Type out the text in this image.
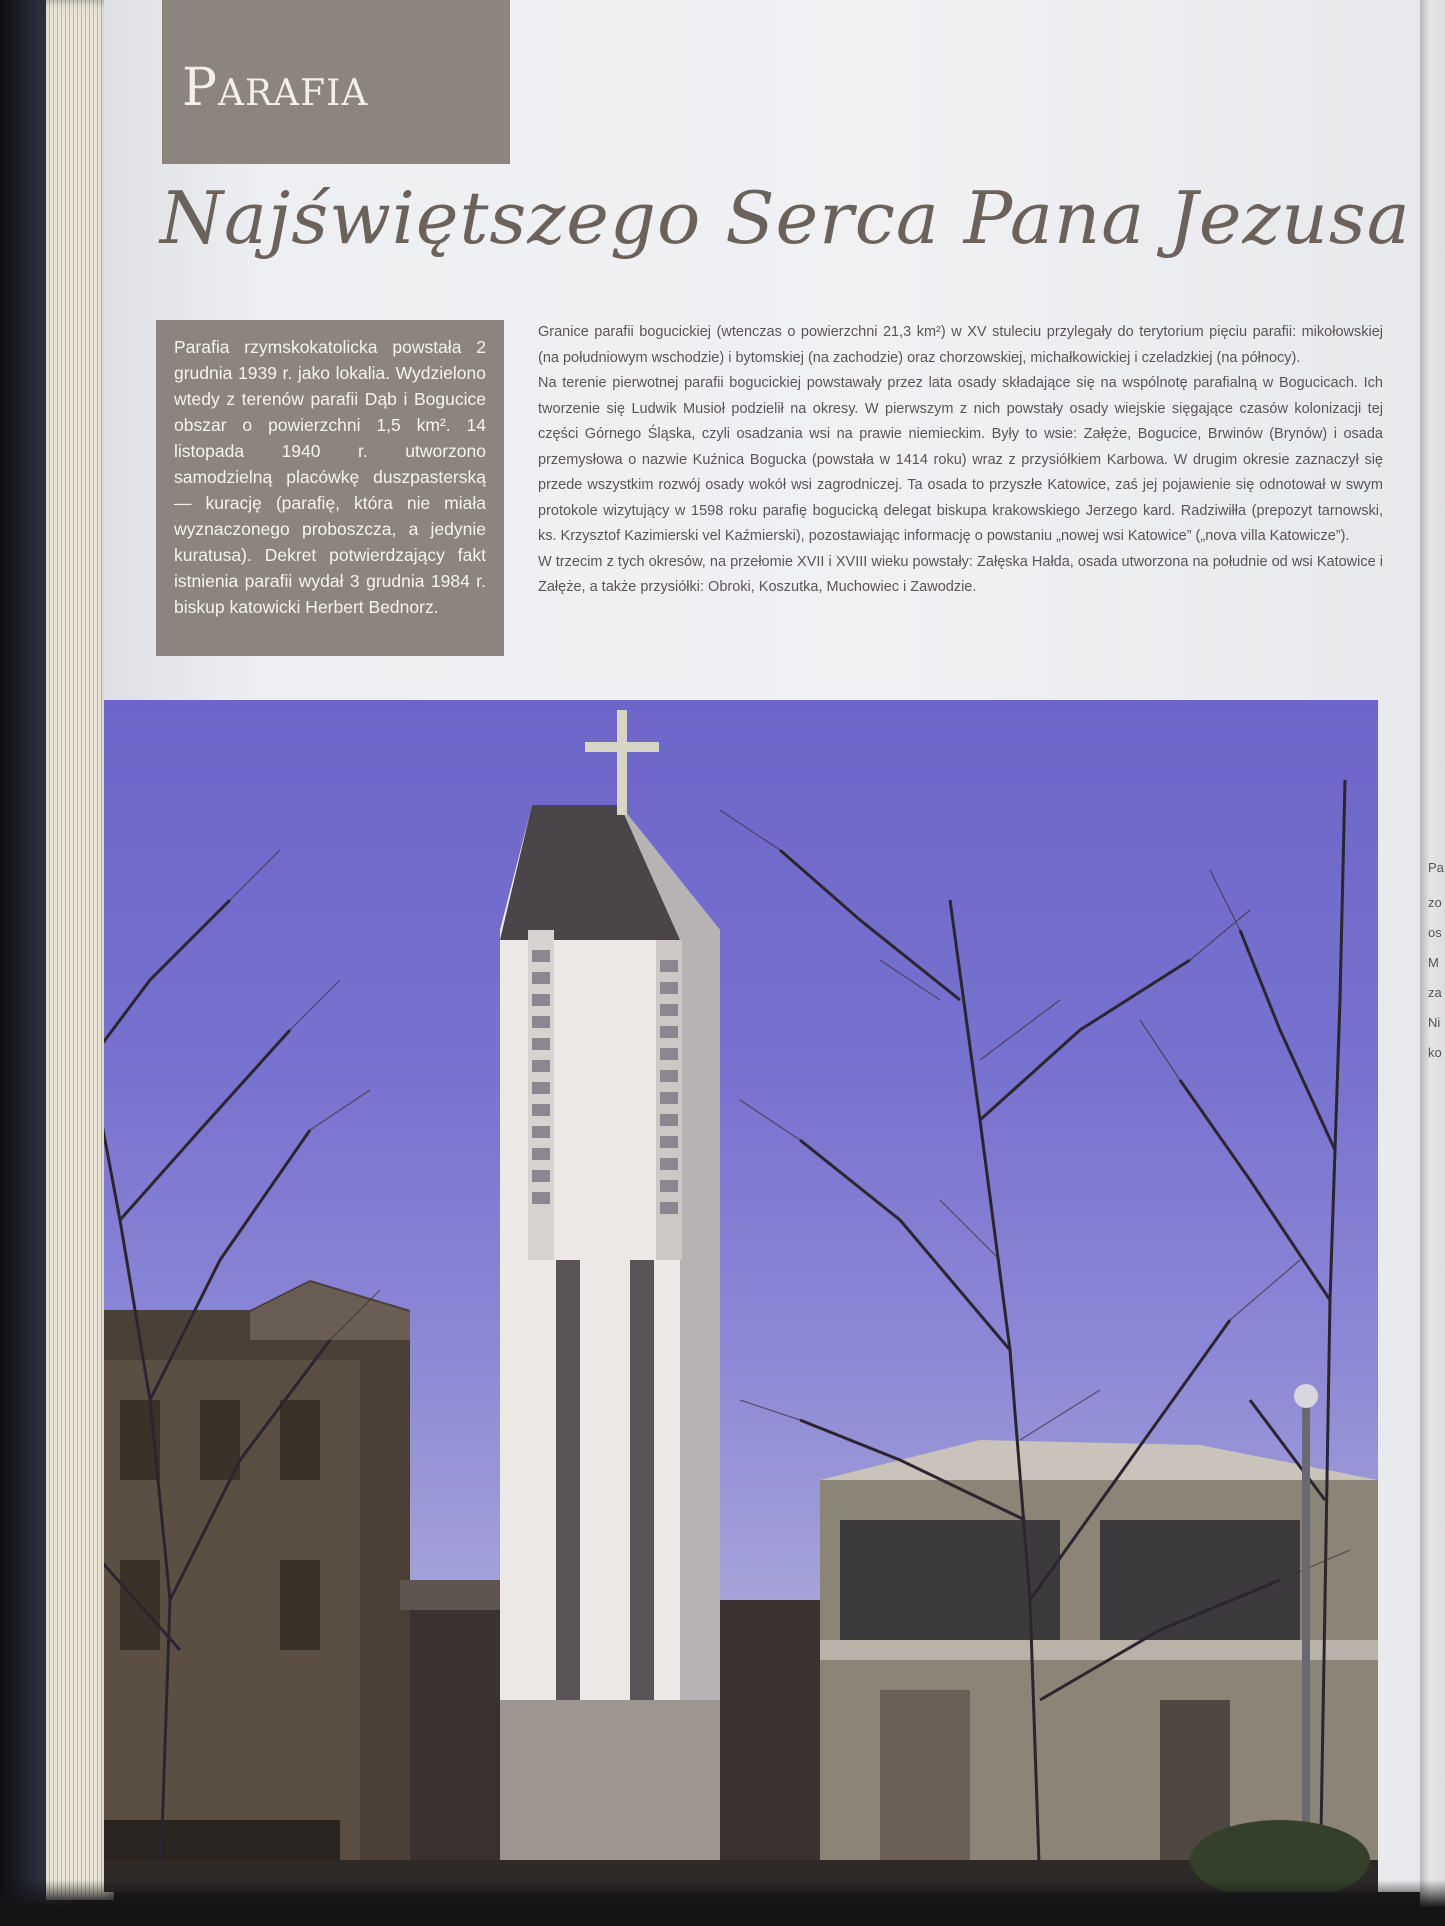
Parafia
Najświętszego Serca Pana Jezusa

Parafia rzymskokatolicka powstała 2 grudnia 1939 r. jako lokalia. Wydzielono wtedy z terenów parafii Dąb i Bogucice obszar o powierzchni 1,5 km². 14 listopada 1940 r. utworzono samodzielną placówkę duszpasterską — kurację (parafię, która nie miała wyznaczonego proboszcza, a jedynie kuratusa). Dekret potwierdzający fakt istnienia parafii wydał 3 grudnia 1984 r. biskup katowicki Herbert Bednorz.

Granice parafii bogucickiej (wtenczas o powierzchni 21,3 km²) w XV stuleciu przylegały do terytorium pięciu parafii: mikołowskiej (na południowym wschodzie) i bytomskiej (na zachodzie) oraz chorzowskiej, michałkowickiej i czeladzkiej (na północy).

Na terenie pierwotnej parafii bogucickiej powstawały przez lata osady składające się na wspólnotę parafialną w Bogucicach. Ich tworzenie się Ludwik Musioł podzielił na okresy. W pierwszym z nich powstały osady wiejskie sięgające czasów kolonizacji tej części Górnego Śląska, czyli osadzania wsi na prawie niemieckim. Były to wsie: Załęże, Bogucice, Brwinów (Brynów) i osada przemysłowa o nazwie Kuźnica Bogucka (powstała w 1414 roku) wraz z przysiółkiem Karbowa. W drugim okresie zaznaczył się przede wszystkim rozwój osady wokół wsi zagrodniczej. Ta osada to przyszłe Katowice, zaś jej pojawienie się odnotował w swym protokole wizytujący w 1598 roku parafię bogucicką delegat biskupa krakowskiego Jerzego kard. Radziwiłła (prepozyt tarnowski, ks. Krzysztof Kazimierski vel Kaźmierski), pozostawiając informację o powstaniu „nowej wsi Katowice” („nova villa Katowicze”).

W trzecim z tych okresów, na przełomie XVII i XVIII wieku powstały: Załęska Hałda, osada utworzona na południe od wsi Katowice i Załęże, a także przysiółki: Obroki, Koszutka, Muchowiec i Zawodzie.

Pa
zo
os
M
za
Ni
ko
